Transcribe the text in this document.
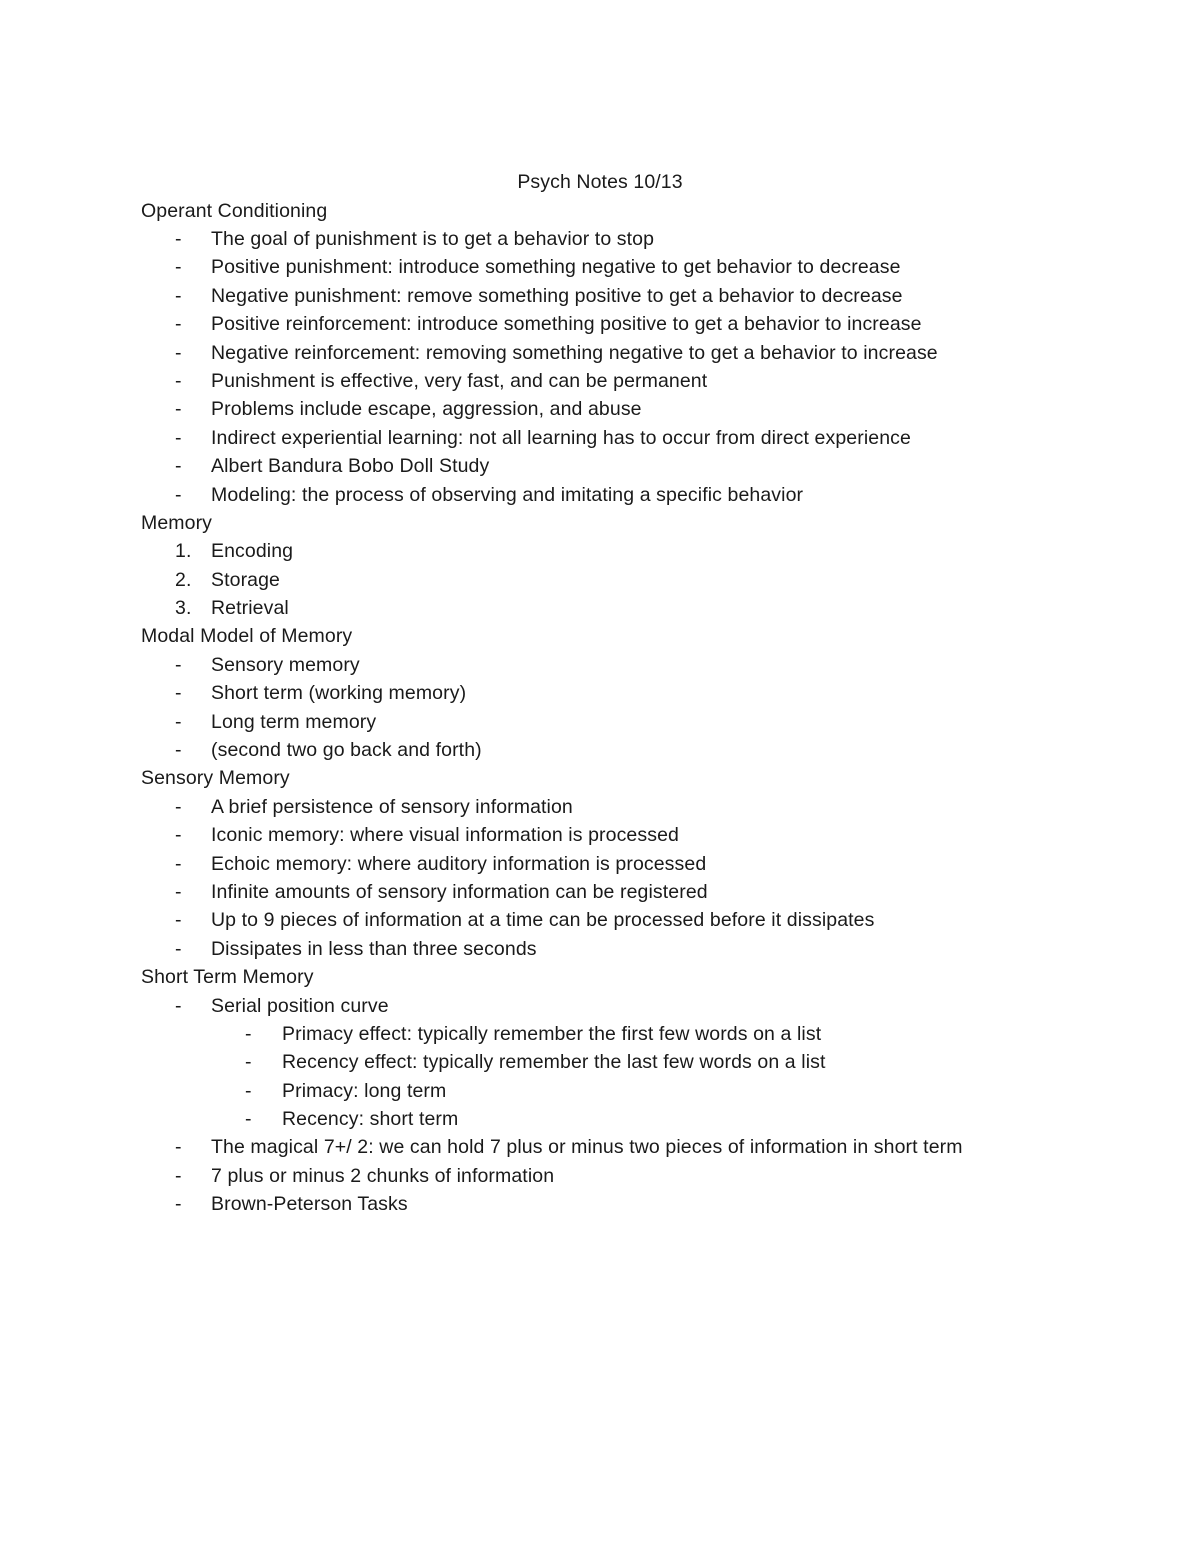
Psych Notes 10/13
Operant Conditioning
- The goal of punishment is to get a behavior to stop
- Positive punishment: introduce something negative to get behavior to decrease
- Negative punishment: remove something positive to get a behavior to decrease
- Positive reinforcement: introduce something positive to get a behavior to increase
- Negative reinforcement: removing something negative to get a behavior to increase
- Punishment is effective, very fast, and can be permanent
- Problems include escape, aggression, and abuse
- Indirect experiential learning: not all learning has to occur from direct experience
- Albert Bandura Bobo Doll Study
- Modeling: the process of observing and imitating a specific behavior
Memory
1. Encoding
2. Storage
3. Retrieval
Modal Model of Memory
- Sensory memory
- Short term (working memory)
- Long term memory
- (second two go back and forth)
Sensory Memory
- A brief persistence of sensory information
- Iconic memory: where visual information is processed
- Echoic memory: where auditory information is processed
- Infinite amounts of sensory information can be registered
- Up to 9 pieces of information at a time can be processed before it dissipates
- Dissipates in less than three seconds
Short Term Memory
- Serial position curve
- Primacy effect: typically remember the first few words on a list
- Recency effect: typically remember the last few words on a list
- Primacy: long term
- Recency: short term
- The magical 7+/ 2: we can hold 7 plus or minus two pieces of information in short term
- 7 plus or minus 2 chunks of information
- Brown-Peterson Tasks
